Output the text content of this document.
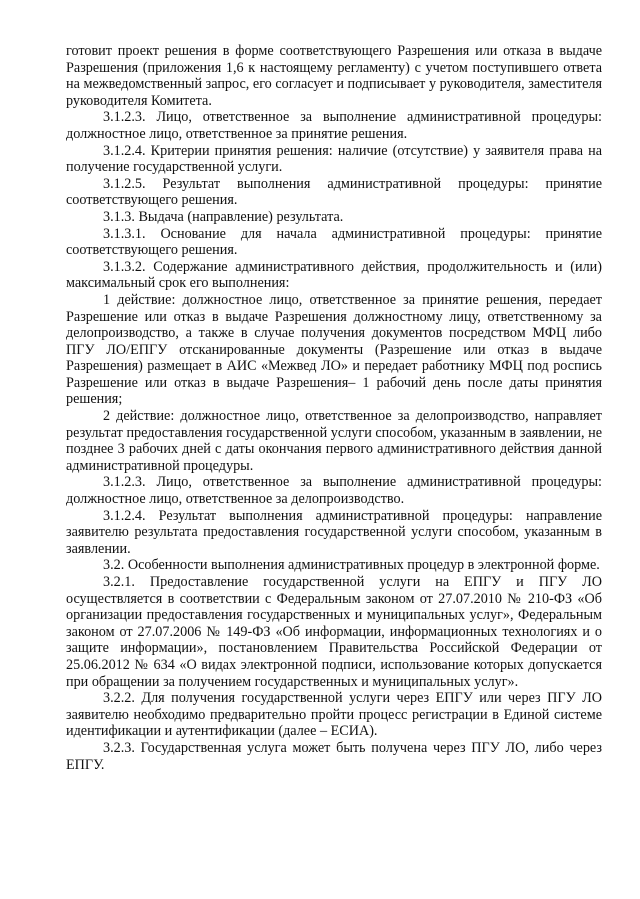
готовит проект решения в форме соответствующего Разрешения или отказа в выдаче Разрешения (приложения 1,6 к настоящему регламенту) с учетом поступившего ответа на межведомственный запрос, его согласует и подписывает у руководителя, заместителя руководителя Комитета.

3.1.2.3. Лицо, ответственное за выполнение административной процедуры: должностное лицо, ответственное за принятие решения.

3.1.2.4. Критерии принятия решения: наличие (отсутствие) у заявителя права на получение государственной услуги.

3.1.2.5. Результат выполнения административной процедуры: принятие соответствующего решения.

3.1.3. Выдача (направление) результата.

3.1.3.1. Основание для начала административной процедуры: принятие соответствующего решения.

3.1.3.2. Содержание административного действия, продолжительность и (или) максимальный срок его выполнения:

1 действие: должностное лицо, ответственное за принятие решения, передает Разрешение или отказ в выдаче Разрешения должностному лицу, ответственному за делопроизводство, а также в случае получения документов посредством МФЦ либо ПГУ ЛО/ЕПГУ отсканированные документы (Разрешение или отказ в выдаче Разрешения) размещает в АИС «Межвед ЛО» и передает работнику МФЦ под роспись Разрешение или отказ в выдаче Разрешения– 1 рабочий день после даты принятия решения;

2 действие: должностное лицо, ответственное за делопроизводство, направляет результат предоставления государственной услуги способом, указанным в заявлении, не позднее 3 рабочих дней с даты окончания первого административного действия данной административной процедуры.

3.1.2.3. Лицо, ответственное за выполнение административной процедуры: должностное лицо, ответственное за делопроизводство.

3.1.2.4. Результат выполнения административной процедуры: направление заявителю результата предоставления государственной услуги способом, указанным в заявлении.

3.2. Особенности выполнения административных процедур в электронной форме.

3.2.1. Предоставление государственной услуги на ЕПГУ и ПГУ ЛО осуществляется в соответствии с Федеральным законом от 27.07.2010 № 210-ФЗ «Об организации предоставления государственных и муниципальных услуг», Федеральным законом от 27.07.2006 № 149-ФЗ «Об информации, информационных технологиях и о защите информации», постановлением Правительства Российской Федерации от 25.06.2012 № 634 «О видах электронной подписи, использование которых допускается при обращении за получением государственных и муниципальных услуг».

3.2.2. Для получения государственной услуги через ЕПГУ или через ПГУ ЛО заявителю необходимо предварительно пройти процесс регистрации в Единой системе идентификации и аутентификации (далее – ЕСИА).

3.2.3. Государственная услуга может быть получена через ПГУ ЛО, либо через ЕПГУ.
